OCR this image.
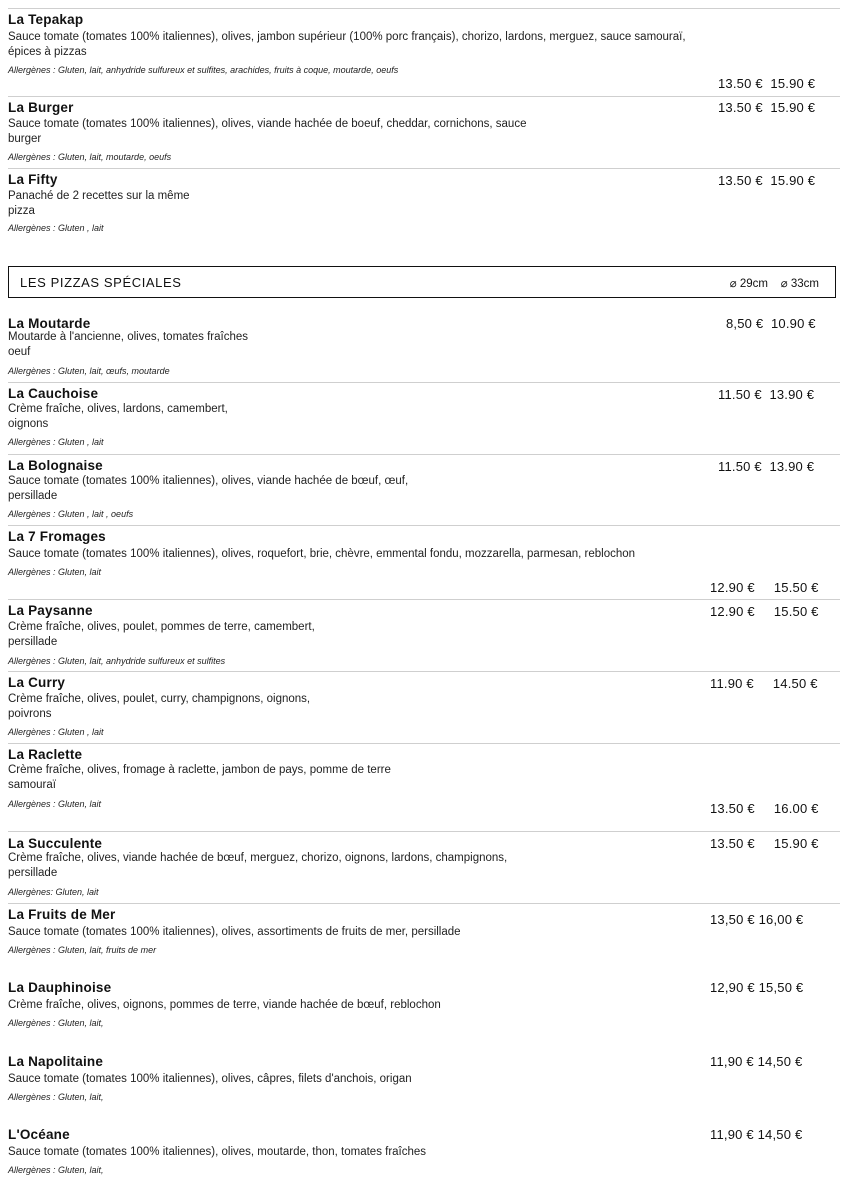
La Tepakap
Sauce tomate (tomates 100% italiennes), olives, jambon supérieur (100% porc français), chorizo, lardons, merguez, sauce samouraï,
épices à pizzas
Allergènes : Gluten, lait, anhydride sulfureux et sulfites, arachides, fruits à coque, moutarde, oeufs
13.50 € 15.90 €
La Burger
Sauce tomate (tomates 100% italiennes), olives, viande hachée de boeuf, cheddar, cornichons, sauce
burger
Allergènes : Gluten, lait, moutarde, oeufs
13.50 € 15.90 €
La Fifty
Panaché de 2 recettes sur la même
pizza
Allergènes : Gluten , lait
13.50 € 15.90 €
LES PIZZAS SPÉCIALES	⌀ 29cm ⌀ 33cm
La Moutarde
Moutarde à l'ancienne, olives, tomates fraîches
oeuf
Allergènes : Gluten, lait, œufs, moutarde
8,50 € 10.90 €
La Cauchoise
Crème fraîche, olives, lardons, camembert,
oignons
Allergènes : Gluten , lait
11.50 € 13.90 €
La Bolognaise
Sauce tomate (tomates 100% italiennes), olives, viande hachée de bœuf, œuf,
persillade
Allergènes : Gluten , lait , oeufs
11.50 € 13.90 €
La 7 Fromages
Sauce tomate (tomates 100% italiennes), olives, roquefort, brie, chèvre, emmental fondu, mozzarella, parmesan, reblochon
Allergènes : Gluten, lait
12.90 € 15.50 €
La Paysanne
Crème fraîche, olives, poulet, pommes de terre, camembert,
persillade
Allergènes : Gluten, lait, anhydride sulfureux et sulfites
12.90 € 15.50 €
La Curry
Crème fraîche, olives, poulet, curry, champignons, oignons,
poivrons
Allergènes : Gluten , lait
11.90 € 14.50 €
La Raclette
Crème fraîche, olives, fromage à raclette, jambon de pays, pomme de terre
samouraï
Allergènes : Gluten, lait	13.50 € 16.00 €
La Succulente
Crème fraîche, olives, viande hachée de bœuf, merguez, chorizo, oignons, lardons, champignons,
persillade
Allergènes: Gluten, lait
13.50 € 15.90 €
La Fruits de Mer
Sauce tomate (tomates 100% italiennes), olives, assortiments de fruits de mer, persillade
Allergènes : Gluten, lait, fruits de mer
13,50 € 16,00 €
La Dauphinoise
Crème fraîche, olives, oignons, pommes de terre, viande hachée de bœuf, reblochon
Allergènes : Gluten, lait,
12,90 € 15,50 €
La Napolitaine
Sauce tomate (tomates 100% italiennes), olives, câpres, filets d'anchois, origan
Allergènes : Gluten, lait,
11,90 € 14,50 €
L'Océane
Sauce tomate (tomates 100% italiennes), olives, moutarde, thon, tomates fraîches
Allergènes : Gluten, lait,
11,90 € 14,50 €
